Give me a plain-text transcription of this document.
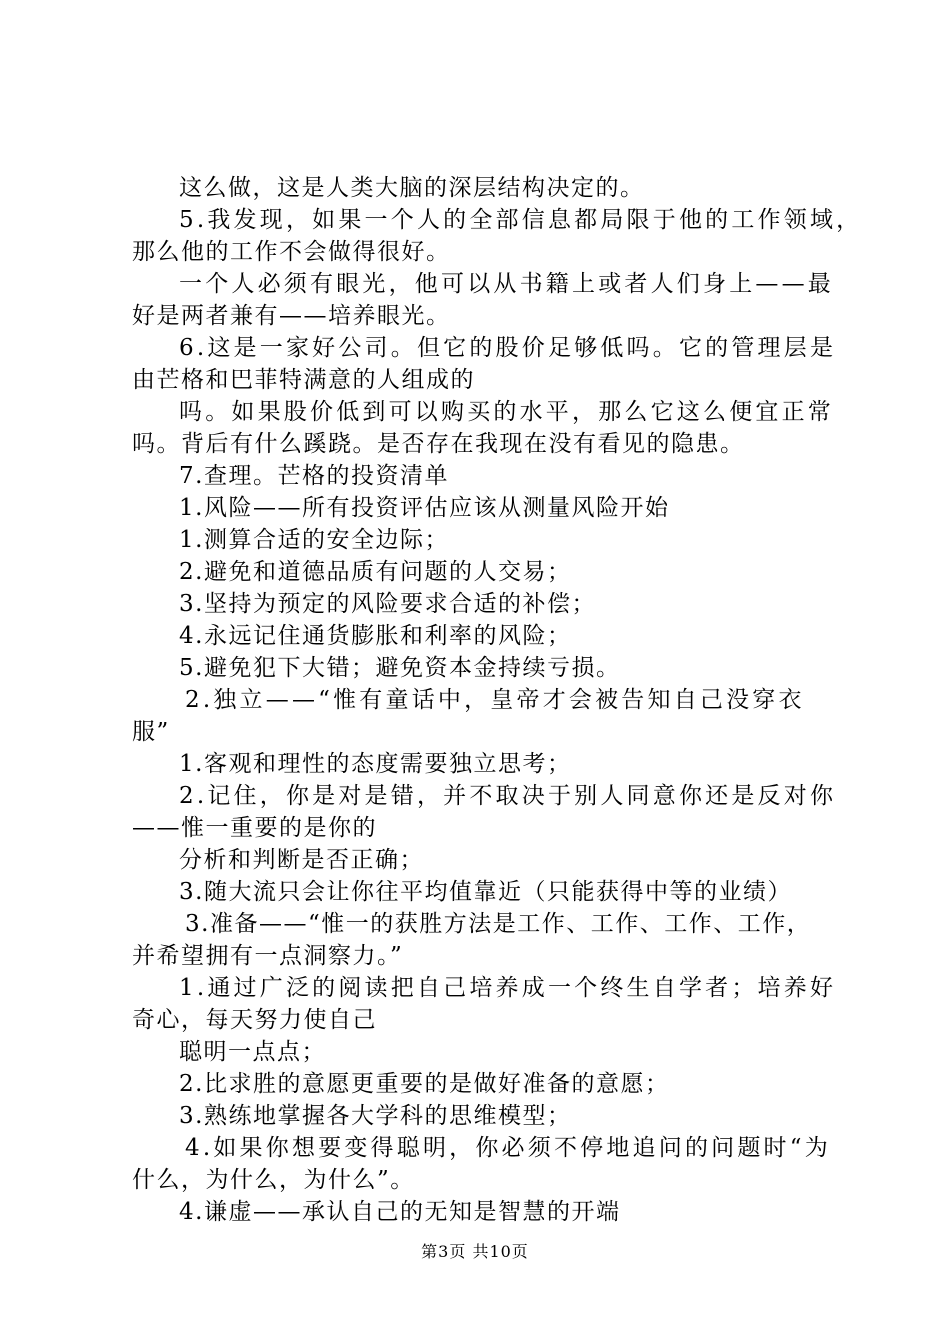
这么做，这是人类大脑的深层结构决定的。
5.我发现，如果一个人的全部信息都局限于他的工作领域，
那么他的工作不会做得很好。
一个人必须有眼光，他可以从书籍上或者人们身上——最
好是两者兼有——培养眼光。
6.这是一家好公司。但它的股价足够低吗。它的管理层是
由芒格和巴菲特满意的人组成的
吗。如果股价低到可以购买的水平，那么它这么便宜正常
吗。背后有什么蹊跷。是否存在我现在没有看见的隐患。
7.查理。芒格的投资清单
1.风险——所有投资评估应该从测量风险开始
1.测算合适的安全边际；
2.避免和道德品质有问题的人交易；
3.坚持为预定的风险要求合适的补偿；
4.永远记住通货膨胀和利率的风险；
5.避免犯下大错；避免资本金持续亏损。
2.独立——“惟有童话中，皇帝才会被告知自己没穿衣
服”
1.客观和理性的态度需要独立思考；
2.记住，你是对是错，并不取决于别人同意你还是反对你
——惟一重要的是你的
分析和判断是否正确；
3.随大流只会让你往平均值靠近（只能获得中等的业绩）
3.准备——“惟一的获胜方法是工作、工作、工作、工作，
并希望拥有一点洞察力。”
1.通过广泛的阅读把自己培养成一个终生自学者；培养好
奇心，每天努力使自己
聪明一点点；
2.比求胜的意愿更重要的是做好准备的意愿；
3.熟练地掌握各大学科的思维模型；
4.如果你想要变得聪明，你必须不停地追问的问题时“为
什么，为什么，为什么”。
4.谦虚——承认自己的无知是智慧的开端
第3页 共10页
